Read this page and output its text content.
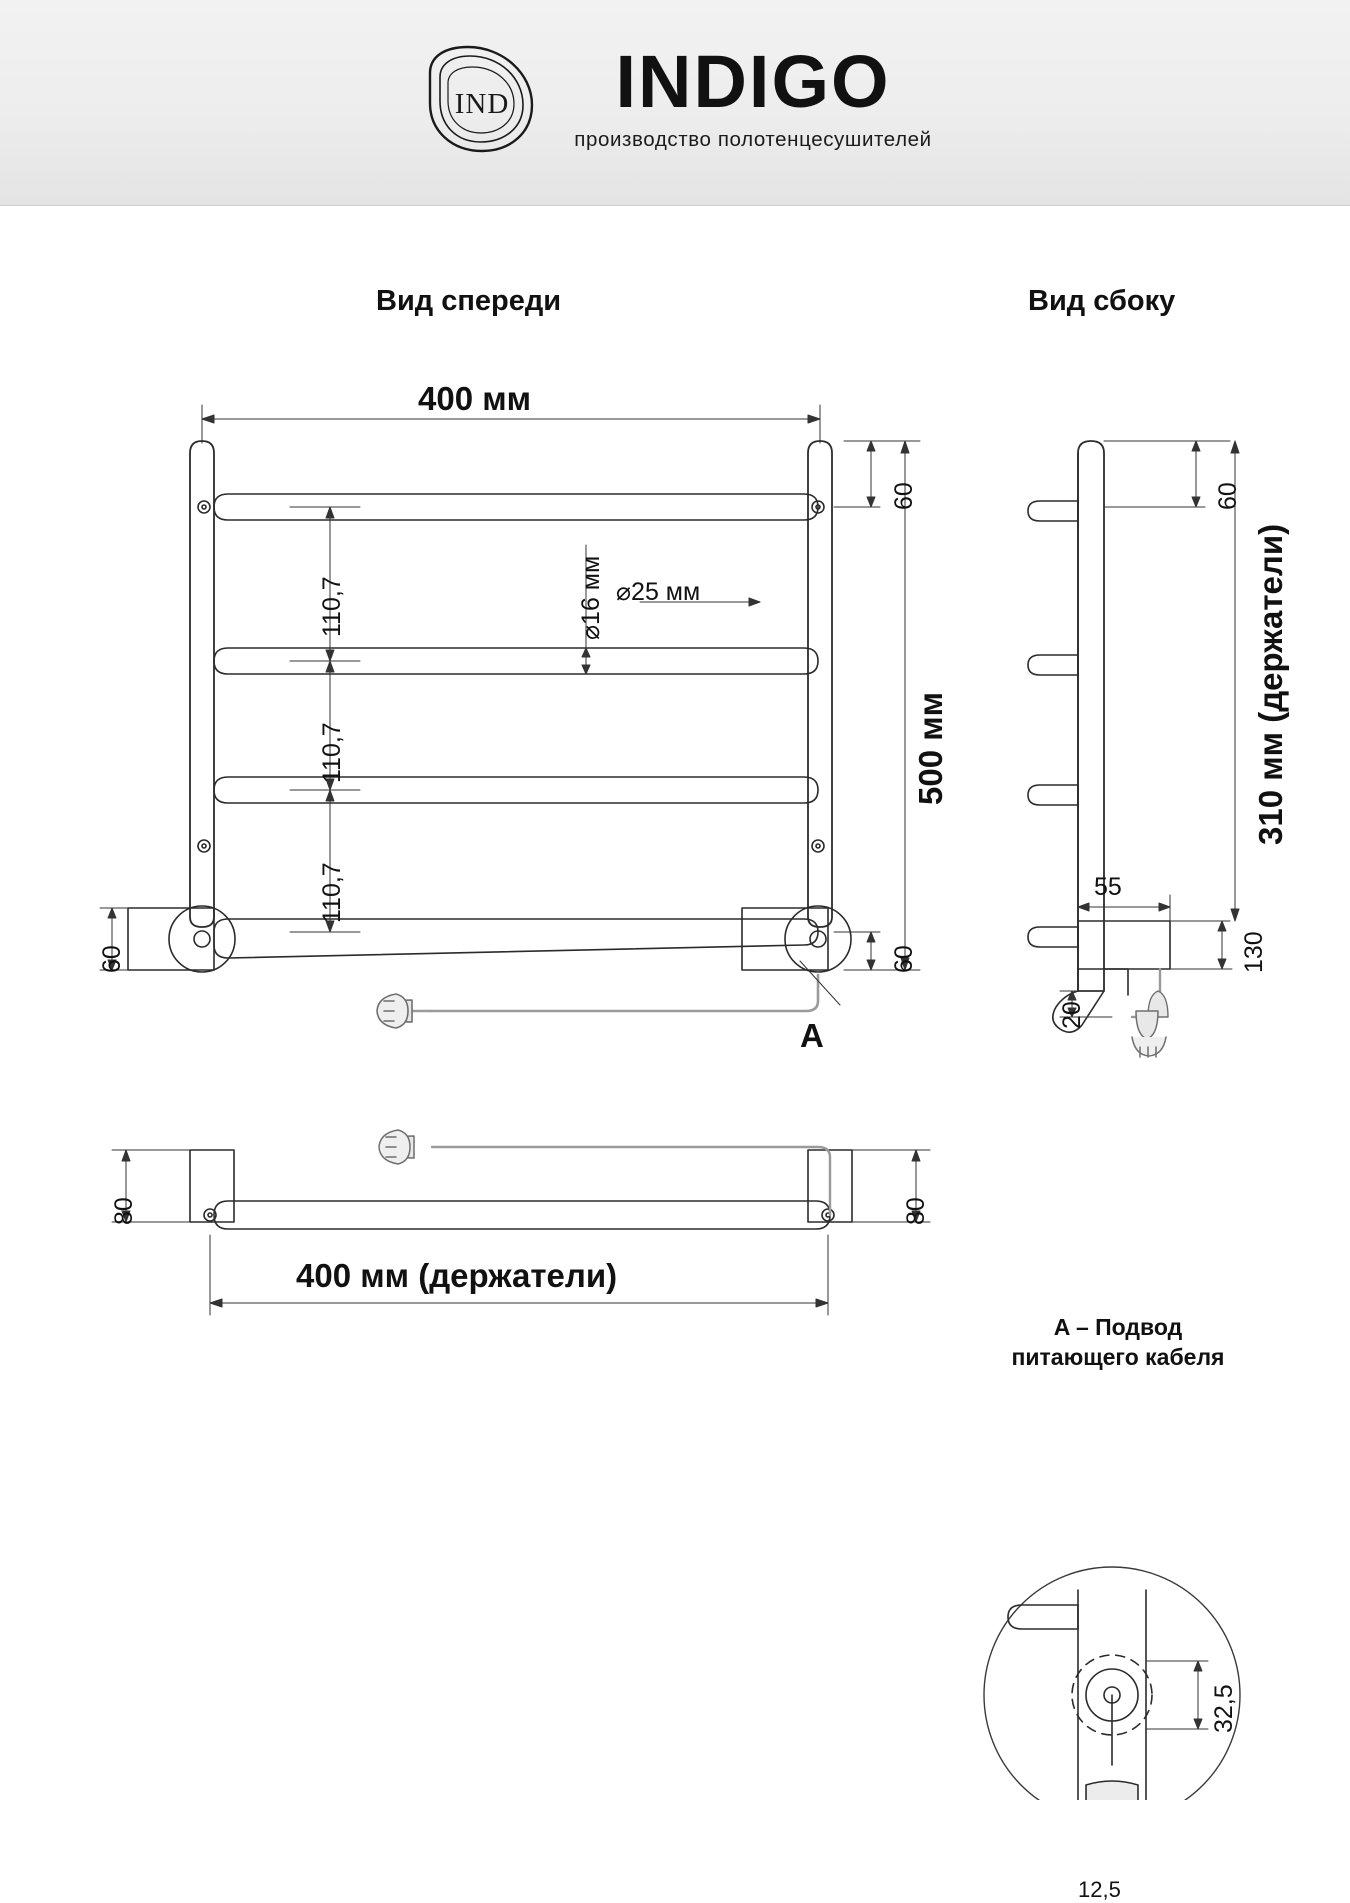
IND INDIGO
производство полотенцесушителей
Вид спереди	Вид сбоку
400 мм
500 мм
60
60
60
110,7
110,7
110,7
⌀16 мм ⌀25 мм
A
60
310 мм (держатели)
55
130
20
80	80
400 мм (держатели)
A – Подвод
питающего кабеля
32,5
12,5
